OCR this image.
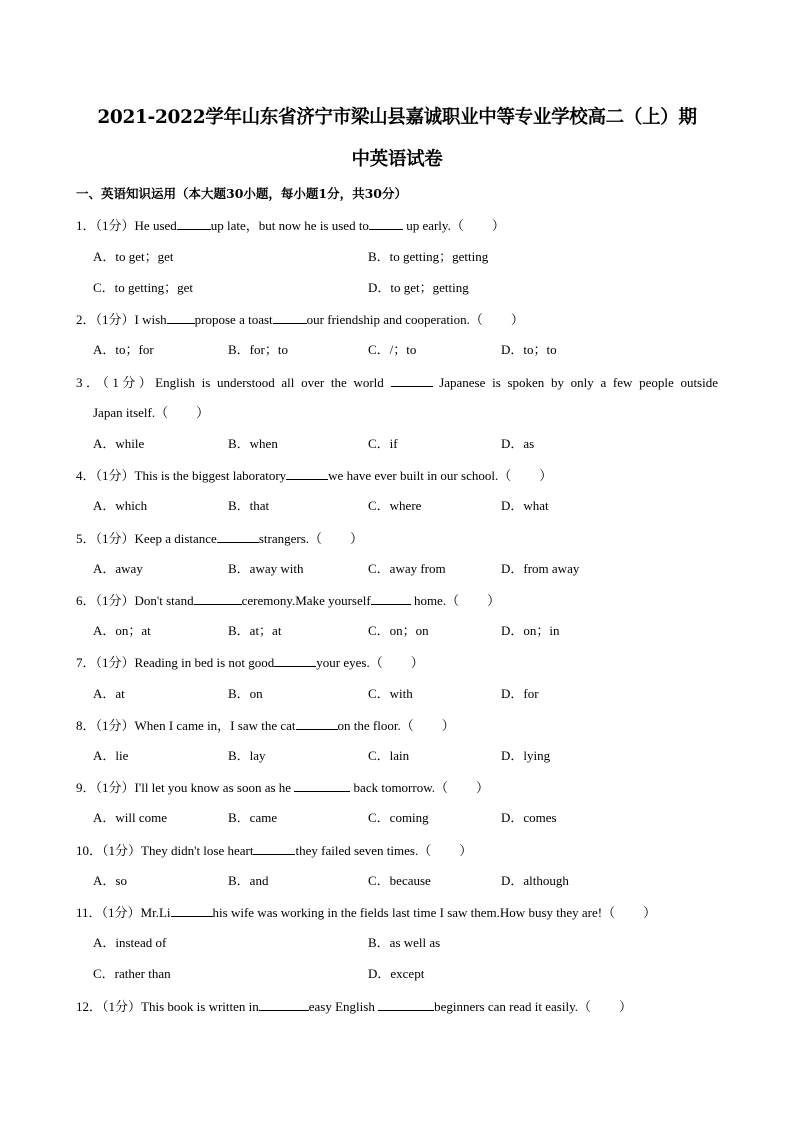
2021-2022学年山东省济宁市梁山县嘉诚职业中等专业学校高二（上）期
中英语试卷
一、英语知识运用（本大题30小题，每小题1分，共30分）
1．（1分）He used	up late，but now he is used to	up early.（ ）
A．to get；get	B．to getting；getting
C．to getting；get	D．to get；getting
2．（1分）I wish propose a toast	our friendship and cooperation.（ ）
A．to；for	B．for；to	C．/；to	D．to；to
3．（1分）English is understood all over the world	Japanese is spoken by only a few people outside
Japan itself.（ ）
A．while	B．when	C．if	D．as
4．（1分）This is the biggest laboratory	we have ever built in our school.（ ）
A．which	B．that	C．where	D．what
5．（1分）Keep a distance	strangers.（ ）
A．away	B．away with	C．away from	D．from away
6．（1分）Don't stand	ceremony.Make yourself	home.（ ）
A．on；at	B．at；at	C．on；on	D．on；in
7．（1分）Reading in bed is not good	your eyes.（ ）
A．at	B．on	C．with	D．for
8．（1分）When I came in，I saw the cat	on the floor.（ ）
A．lie	B．lay	C．lain	D．lying
9．（1分）I'll let you know as soon as he	back tomorrow.（ ）
A．will come	B．came	C．coming	D．comes
10．（1分）They didn't lose heart	they failed seven times.（ ）
A．so	B．and	C．because	D．although
11．（1分）Mr.Li	his wife was working in the fields last time I saw them.How busy they are!（ ）
A．instead of	B．as well as
C．rather than	D．except
12．（1分）This book is written in	easy English	beginners can read it easily.（ ）
